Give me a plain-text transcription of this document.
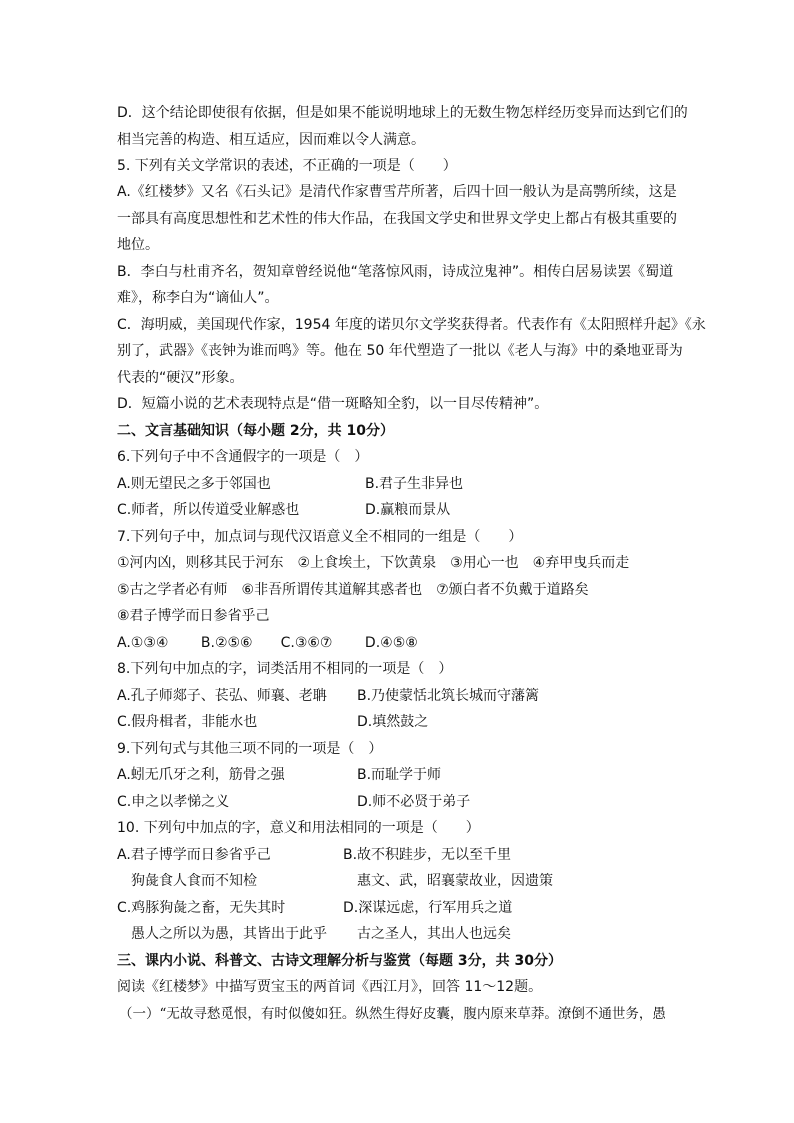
D．这个结论即使很有依据，但是如果不能说明地球上的无数生物怎样经历变异而达到它们的
相当完善的构造、相互适应，因而难以令人满意。
5. 下列有关文学常识的表述，不正确的一项是（　　）
A.《红楼梦》又名《石头记》是清代作家曹雪芹所著，后四十回一般认为是高鹗所续，这是
一部具有高度思想性和艺术性的伟大作品，在我国文学史和世界文学史上都占有极其重要的
地位。
B．李白与杜甫齐名，贺知章曾经说他“笔落惊风雨，诗成泣鬼神”。相传白居易读罢《蜀道
难》，称李白为“谪仙人”。
C．海明威，美国现代作家，1954 年度的诺贝尔文学奖获得者。代表作有《太阳照样升起》《永
别了，武器》《丧钟为谁而鸣》等。他在 50 年代塑造了一批以《老人与海》中的桑地亚哥为
代表的“硬汉”形象。
D．短篇小说的艺术表现特点是“借一斑略知全豹，以一目尽传精神”。
二、文言基础知识（每小题 2分，共 10分）
6.下列句子中不含通假字的一项是（　）
A.则无望民之多于邻国也	B.君子生非异也
C.师者，所以传道受业解惑也	D.赢粮而景从
7.下列句子中，加点词与现代汉语意义全不相同的一组是（　　）
①河内凶，则移其民于河东　②上食埃土，下饮黄泉　③用心一也　④弃甲曳兵而走
⑤古之学者必有师　⑥非吾所谓传其道解其惑者也　⑦颁白者不负戴于道路矣
⑧君子博学而日参省乎己
A.①③④　　 B.②⑤⑥　　C.③⑥⑦　　 D.④⑤⑧
8.下列句中加点的字，词类活用不相同的一项是（　）
A.孔子师郯子、苌弘、师襄、老聃 B.乃使蒙恬北筑长城而守藩篱
C.假舟楫者，非能水也	D.填然鼓之
9.下列句式与其他三项不同的一项是（　）
A.蚓无爪牙之利，筋骨之强	B.而耻学于师
C.申之以孝悌之义	D.师不必贤于弟子
10. 下列句中加点的字，意义和用法相同的一项是（　　）
A.君子博学而日参省乎己	B.故不积跬步，无以至千里
狗彘食人食而不知检	惠文、武，昭襄蒙故业，因遗策
C.鸡豚狗彘之畜，无失其时	D.深谋远虑，行军用兵之道
愚人之所以为愚，其皆出于此乎 古之圣人，其出人也远矣
三、课内小说、科普文、古诗文理解分析与鉴赏（每题 3分，共 30分）
阅读《红楼梦》中描写贾宝玉的两首词《西江月》，回答 11～12题。
（一）“无故寻愁觅恨，有时似傻如狂。纵然生得好皮囊，腹内原来草莽。潦倒不通世务，愚
